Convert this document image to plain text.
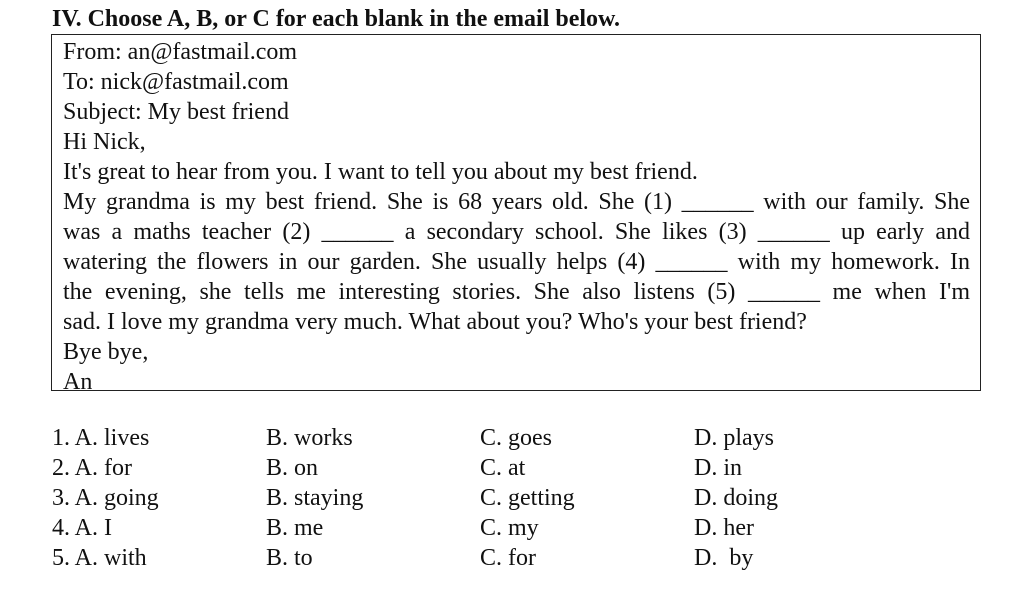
IV. Choose A, B, or C for each blank in the email below.
From: an@fastmail.com
To: nick@fastmail.com
Subject: My best friend
Hi Nick,
It's great to hear from you. I want to tell you about my best friend.
My grandma is my best friend. She is 68 years old. She (1) ______ with our family. She
was a maths teacher (2) ______ a secondary school. She likes (3) ______ up early and
watering the flowers in our garden. She usually helps (4) ______ with my homework. In
the evening, she tells me interesting stories. She also listens (5) ______ me when I'm
sad. I love my grandma very much. What about you? Who's your best friend?
Bye bye,
An
1. A. lives	B. works	C. goes	D. plays
2. A. for	B. on	C. at	D. in
3. A. going	B. staying	C. getting	D. doing
4. A. I	B. me	C. my	D. her
5. A. with	B. to	C. for	D.  by
